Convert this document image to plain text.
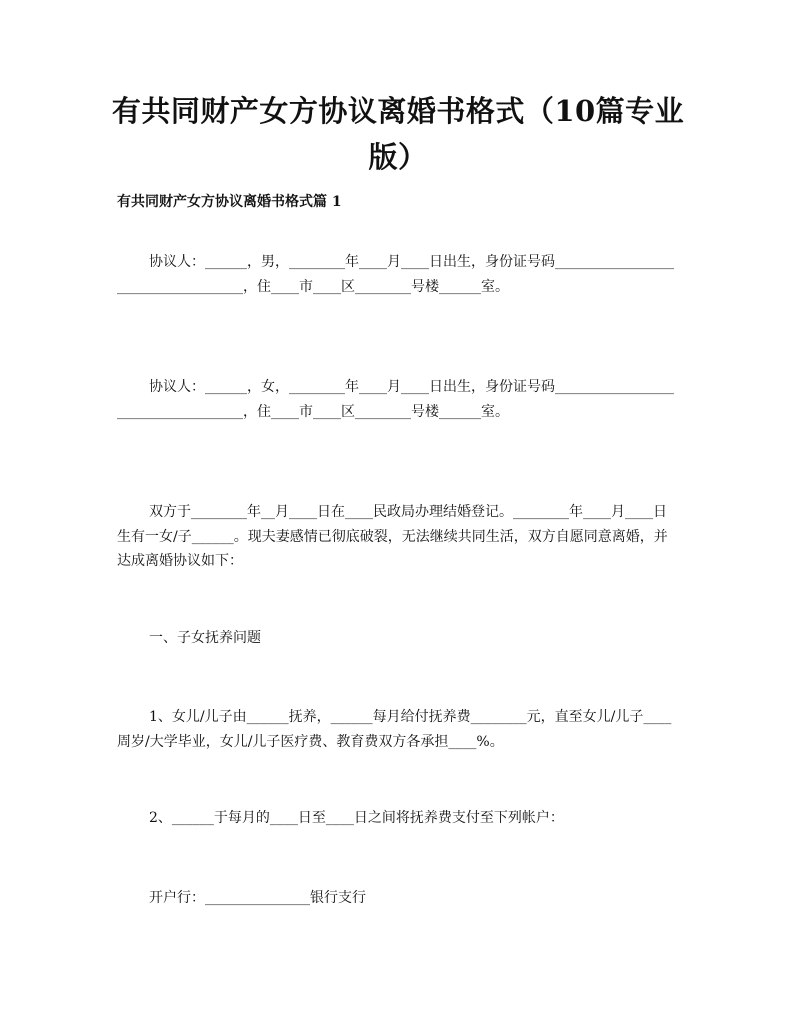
有共同财产女方协议离婚书格式（10篇专业版）
有共同财产女方协议离婚书格式篇 1
协议人：______，男，________年____月____日出生，身份证号码___________________________________，住____市____区________号楼______室。
协议人：______，女，________年____月____日出生，身份证号码___________________________________，住____市____区________号楼______室。
双方于________年__月____日在____民政局办理结婚登记。________年____月____日生有一女/子______。现夫妻感情已彻底破裂，无法继续共同生活，双方自愿同意离婚，并达成离婚协议如下：
一、子女抚养问题
1、女儿/儿子由______抚养，______每月给付抚养费________元，直至女儿/儿子____周岁/大学毕业，女儿/儿子医疗费、教育费双方各承担____%。
2、______于每月的____日至____日之间将抚养费支付至下列帐户：
开户行：_______________银行支行
